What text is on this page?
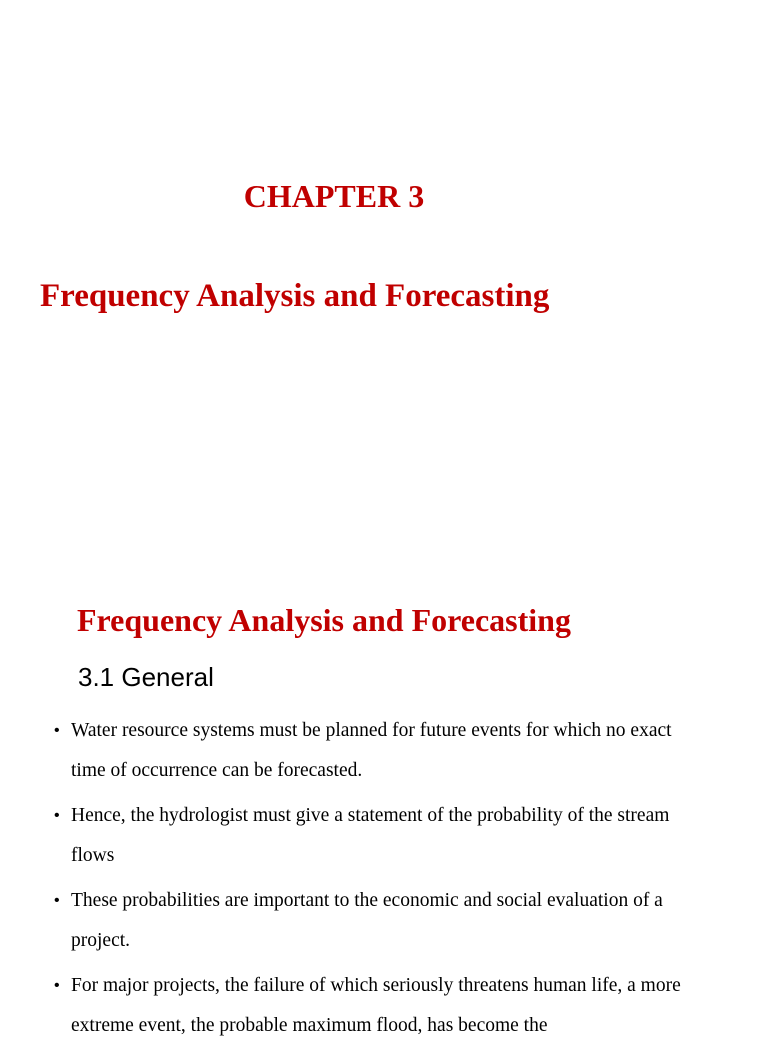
CHAPTER 3
Frequency Analysis and Forecasting
Frequency Analysis and Forecasting
3.1 General
• Water resource systems must be planned for future events for which no exact time of occurrence can be forecasted.
• Hence, the hydrologist must give a statement of the probability of the stream flows
• These probabilities are important to the economic and social evaluation of a project.
• For major projects, the failure of which seriously threatens human life, a more extreme event, the probable maximum flood, has become the
